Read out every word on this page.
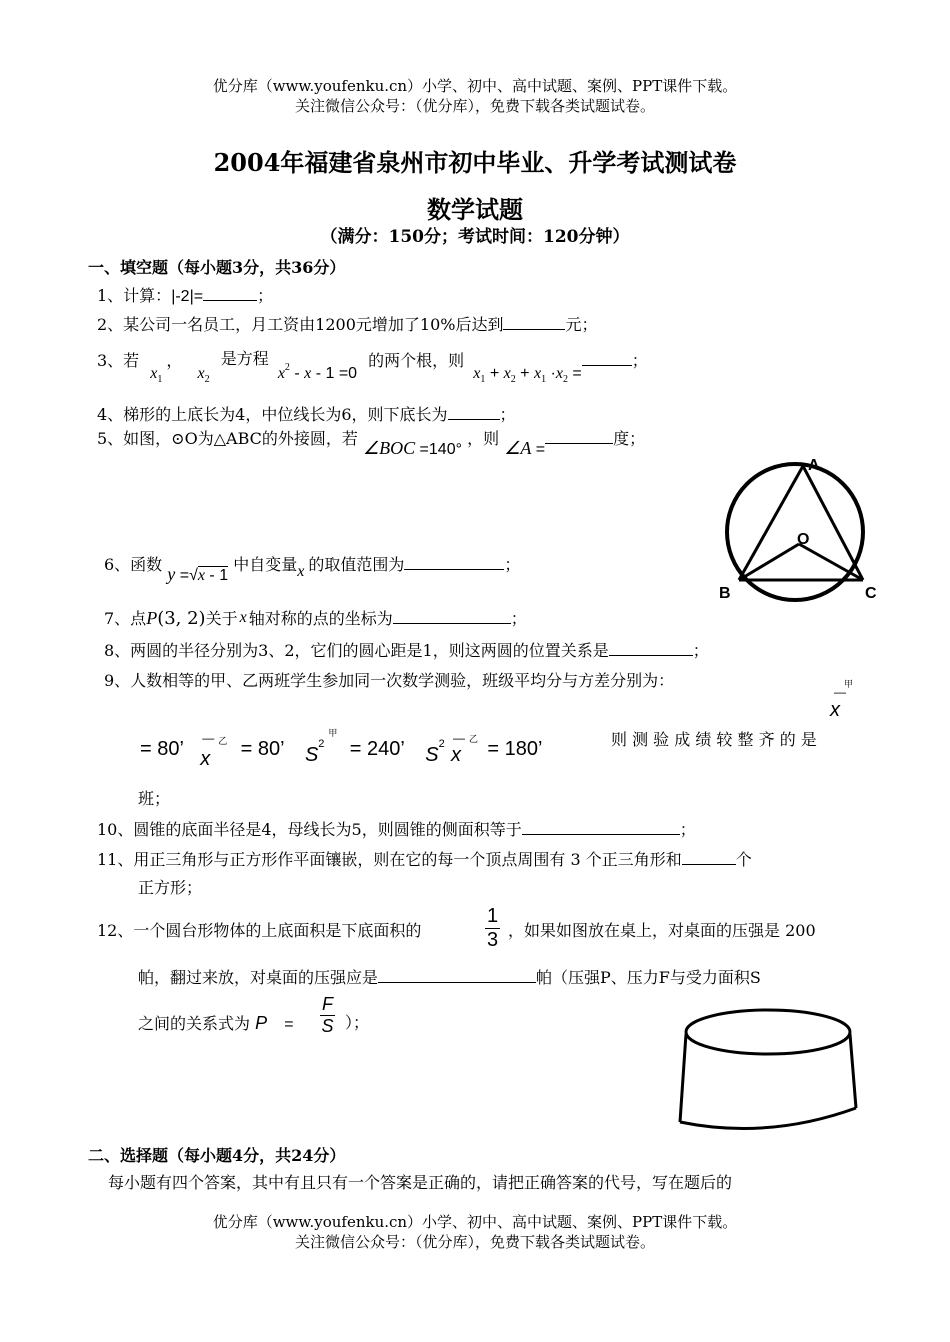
优分库（www.youfenku.cn）小学、初中、高中试题、案例、PPT课件下载。
关注微信公众号：（优分库），免费下载各类试题试卷。
2004年福建省泉州市初中毕业、升学考试测试卷
数学试题
（满分：150分；考试时间：120分钟）
一、填空题（每小题3分，共36分）
1、计算：|-2|=	；
2、某公司一名员工，月工资由1200元增加了10%后达到	元；
3、若 $x_1$， $x_2$ 是方程 $x^2 - x - 1 =0$ 的两个根，则 $x_1 + x_2 + x_1 \cdot x_2$ =；
4、梯形的上底长为4，中位线长为6，则下底长为	；
5、如图，⊙O为△ABC的外接圆，若 ∠BOC =140° ，则 ∠A =度；
A
B	C
O
6、函数 y =√x - 1 中自变量x 的取值范围为	；
7、点P(3, 2)关于 x 轴对称的点的坐标为	；
8、两圆的半径分别为3、2，它们的圆心距是1，则这两圆的位置关系是	；
9、人数相等的甲、乙两班学生参加同一次数学测验，班级平均分与方差分别为：
—$^甲$
x
= 80’ —
x
乙 = 80’ $S^{2甲} = 240$’ $S^2$ —
x
乙 = 180’	则 测 验 成 绩 较 整 齐 的 是
班；
10、圆锥的底面半径是4，母线长为5，则圆锥的侧面积等于	；
11、用正三角形与正方形作平面镶嵌，则在它的每一个顶点周围有 3 个正三角形和	个
正方形；
12、一个圆台形物体的上底面积是下底面积的	$\frac{1}{3}$ ，如果如图放在桌上，对桌面的压强是 200
帕，翻过来放，对桌面的压强应是	帕（压强P、压力F与受力面积S
之间的关系式为 $P = \frac{F}{S}$ ）；
二、选择题（每小题4分，共24分）
每小题有四个答案，其中有且只有一个答案是正确的，请把正确答案的代号，写在题后的
优分库（www.youfenku.cn）小学、初中、高中试题、案例、PPT课件下载。
关注微信公众号：（优分库），免费下载各类试题试卷。
